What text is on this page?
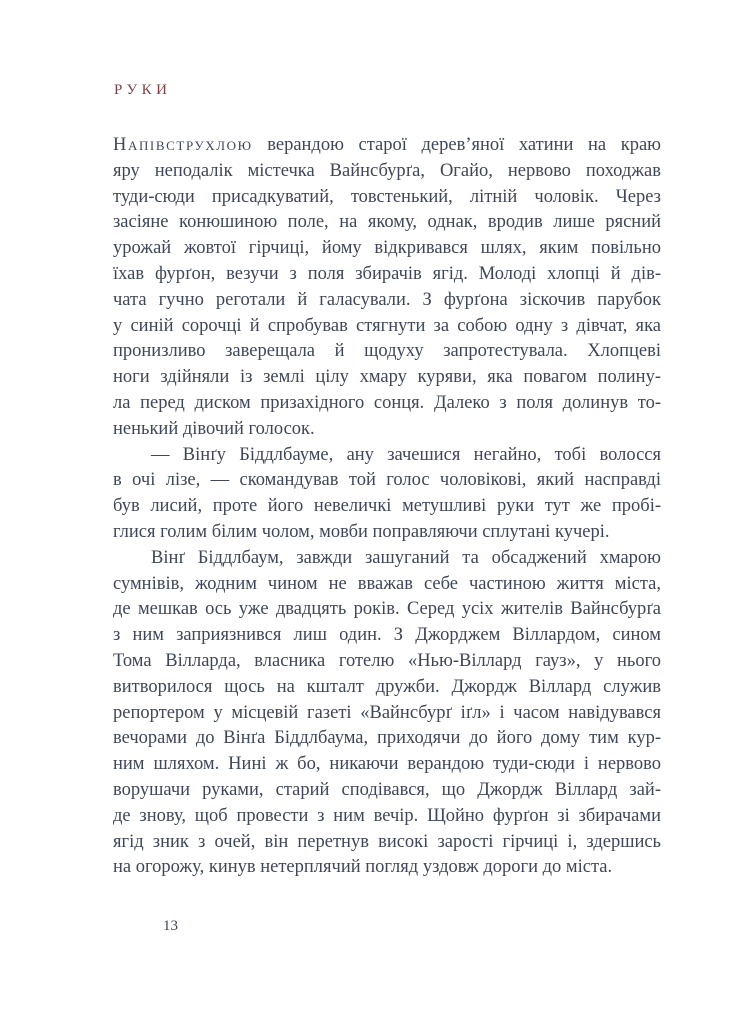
РУКИ
Напівструхлою верандою старої дерев’яної хатини на краю
яру неподалік містечка Вайнсбурґа, Огайо, нервово походжав
туди-сюди присадкуватий, товстенький, літній чоловік. Через
засіяне конюшиною поле, на якому, однак, вродив лише рясний
урожай жовтої гірчиці, йому відкривався шлях, яким повільно
їхав фурґон, везучи з поля збирачів ягід. Молоді хлопці й дів-
чата гучно реготали й галасували. З фурґона зіскочив парубок
у синій сорочці й спробував стягнути за собою одну з дівчат, яка
пронизливо заверещала й щодуху запротестувала. Хлопцеві
ноги здійняли із землі цілу хмару куряви, яка повагом полину-
ла перед диском призахідного сонця. Далеко з поля долинув то-
ненький дівочий голосок.
— Вінґу Біддлбауме, ану зачешися негайно, тобі волосся
в очі лізе, — скомандував той голос чоловікові, який насправді
був лисий, проте його невеличкі метушливі руки тут же пробі-
глися голим білим чолом, мовби поправляючи сплутані кучері.
Вінґ Біддлбаум, завжди зашуганий та обсаджений хмарою
сумнівів, жодним чином не вважав себе частиною життя міста,
де мешкав ось уже двадцять років. Серед усіх жителів Вайнсбурґа
з ним заприязнився лиш один. З Джорджем Віллардом, сином
Тома Вілларда, власника готелю «Нью-Віллард гауз», у нього
витворилося щось на кшталт дружби. Джордж Віллард служив
репортером у місцевій газеті «Вайнсбурґ іґл» і часом навідувався
вечорами до Вінґа Біддлбаума, приходячи до його дому тим кур-
ним шляхом. Нині ж бо, никаючи верандою туди-сюди і нервово
ворушачи руками, старий сподівався, що Джордж Віллард зай-
де знову, щоб провести з ним вечір. Щойно фурґон зі збирачами
ягід зник з очей, він перетнув високі зарості гірчиці і, здершись
на огорожу, кинув нетерплячий погляд уздовж дороги до міста.
13
